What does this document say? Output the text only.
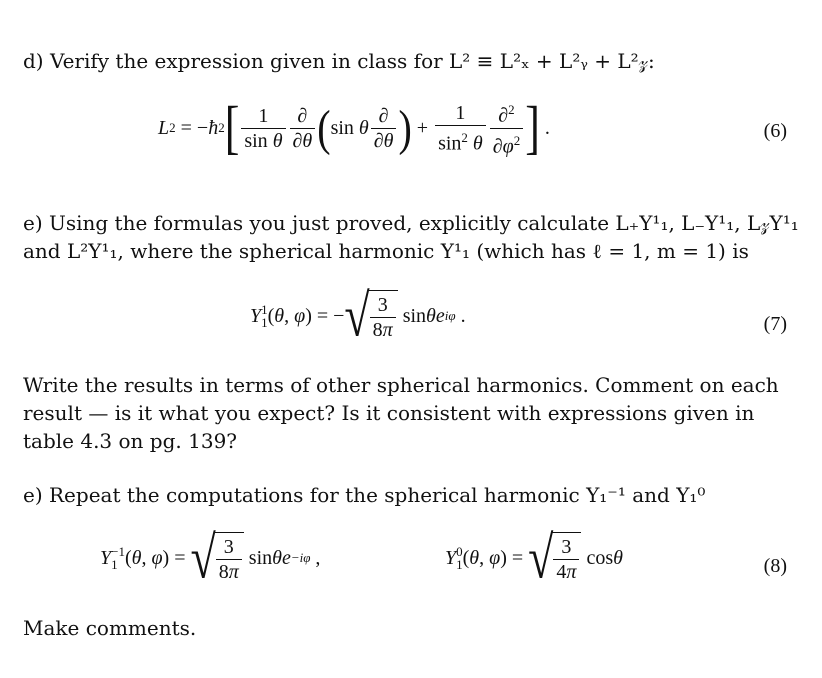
d) Verify the expression given in class for L² ≡ L²ₓ + L²ᵧ + L²𝓏:
L 2 = − ħ 2 [ $\frac{1}{\text{sin θ}} \frac{\partial}{\partial\theta}$ ( sin θ $\frac{\partial}{\partial\theta}$ ) + $\frac{1}{\sin^2 \theta} \frac{\partial^2}{\partial\varphi^2}$ ] .	(6)
e) Using the formulas you just proved, explicitly calculate L₊Y¹₁, L₋Y¹₁, L𝓏Y¹₁
and L²Y¹₁, where the spherical harmonic Y¹₁ (which has ℓ = 1, m = 1) is
Y 1
1 ( θ , φ ) = − √ $\frac{3}{8\pi}$ sin θ e iφ .	(7)
Write the results in terms of other spherical harmonics. Comment on each
result — is it what you expect? Is it consistent with expressions given in
table 4.3 on pg. 139?
e) Repeat the computations for the spherical harmonic Y₁⁻¹ and Y₁⁰
Y −1
1 ( θ , φ ) = √ $\frac{3}{8\pi}$ sin θ e −iφ ,	Y 0
1 ( θ , φ ) = √ $\frac{3}{4\pi}$ cos θ	(8)
Make comments.
